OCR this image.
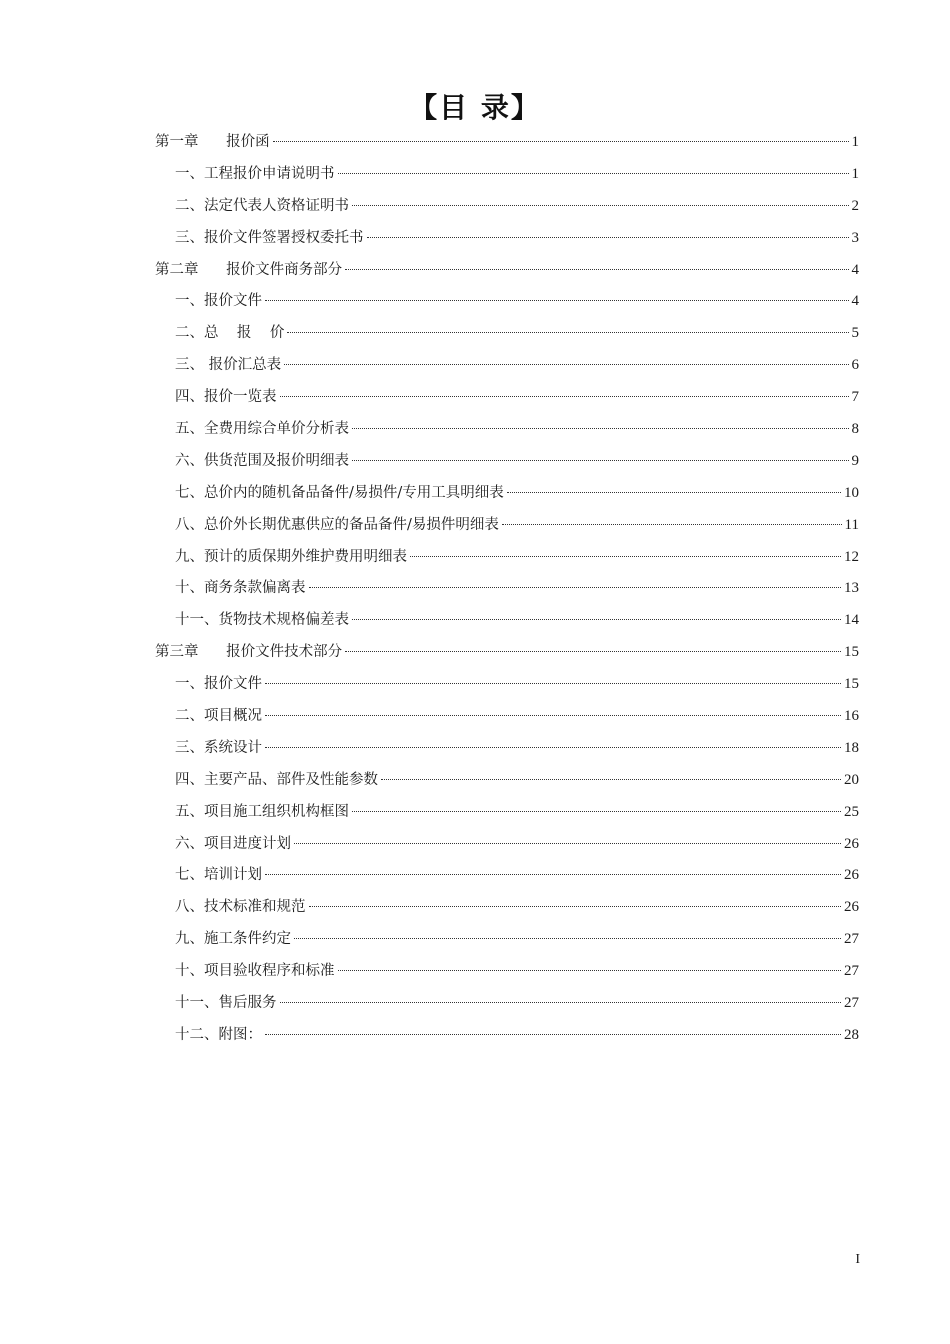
【目 录】
第一章      报价函	1
一、工程报价申请说明书	1
二、法定代表人资格证明书	2
三、报价文件签署授权委托书	3
第二章      报价文件商务部分	4
一、报价文件	4
二、总    报    价	5
三、 报价汇总表	6
四、报价一览表	7
五、全费用综合单价分析表	8
六、供货范围及报价明细表	9
七、总价内的随机备品备件/易损件/专用工具明细表	10
八、总价外长期优惠供应的备品备件/易损件明细表	11
九、预计的质保期外维护费用明细表	12
十、商务条款偏离表	13
十一、货物技术规格偏差表	14
第三章      报价文件技术部分	15
一、报价文件	15
二、项目概况	16
三、系统设计	18
四、主要产品、部件及性能参数	20
五、项目施工组织机构框图	25
六、项目进度计划	26
七、培训计划	26
八、技术标准和规范	26
九、施工条件约定	27
十、项目验收程序和标准	27
十一、售后服务	27
十二、附图：	28
I
